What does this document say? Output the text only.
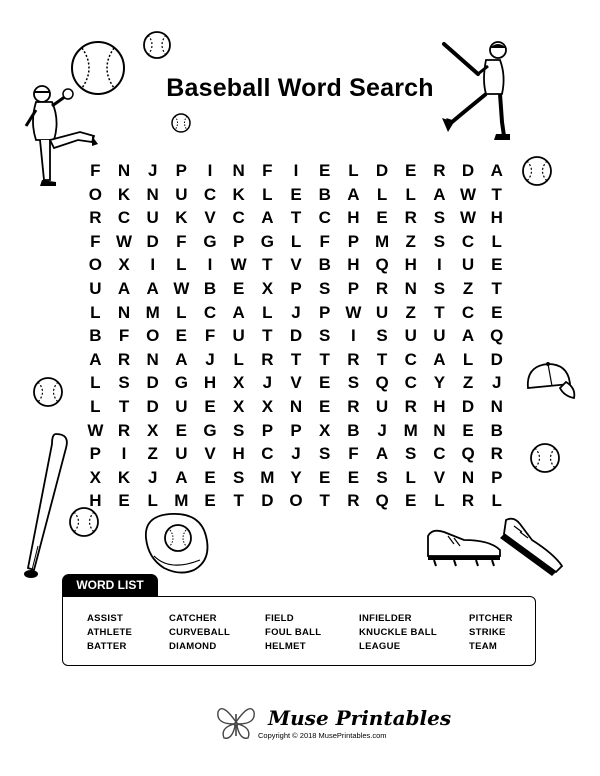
Baseball Word Search
F	N	J	P	I	N	F	I	E	L	D E R D A
O K N U C K	L	E B A	L	L	A W T
R C U K V C A	T	C H E R S W H
F W D	F G P G L	F	P M Z	S C	L
O X	I	L	I	W T	V B H Q H	I	U E
U A A W B E	X	P	S	P R N S	Z	T
L	N M L	C A	L	J	P W U	Z	T	C E
B	F O E	F	U	T	D S	I	S U U A Q
A R N A	J	L	R	T	T	R	T	C A	L	D
L	S D G H X	J	V	E	S Q C Y	Z	J
L	T	D U E	X	X N E R U R H D N
W R X	E G S	P	P	X B	J M N E B
P	I	Z	U V H C	J	S	F	A S C Q R
X K	J	A E	S M Y	E	E	S	L	V N P
H E	L M E	T	D O T	R Q E	L	R	L
WORD LIST
ASSIST
ATHLETE
BATTER
CATCHER
CURVEBALL
DIAMOND
FIELD
FOUL BALL
HELMET
INFIELDER
KNUCKLE BALL
LEAGUE
PITCHER
STRIKE
TEAM
Muse Printables
Copyright © 2018 MusePrintables.com
